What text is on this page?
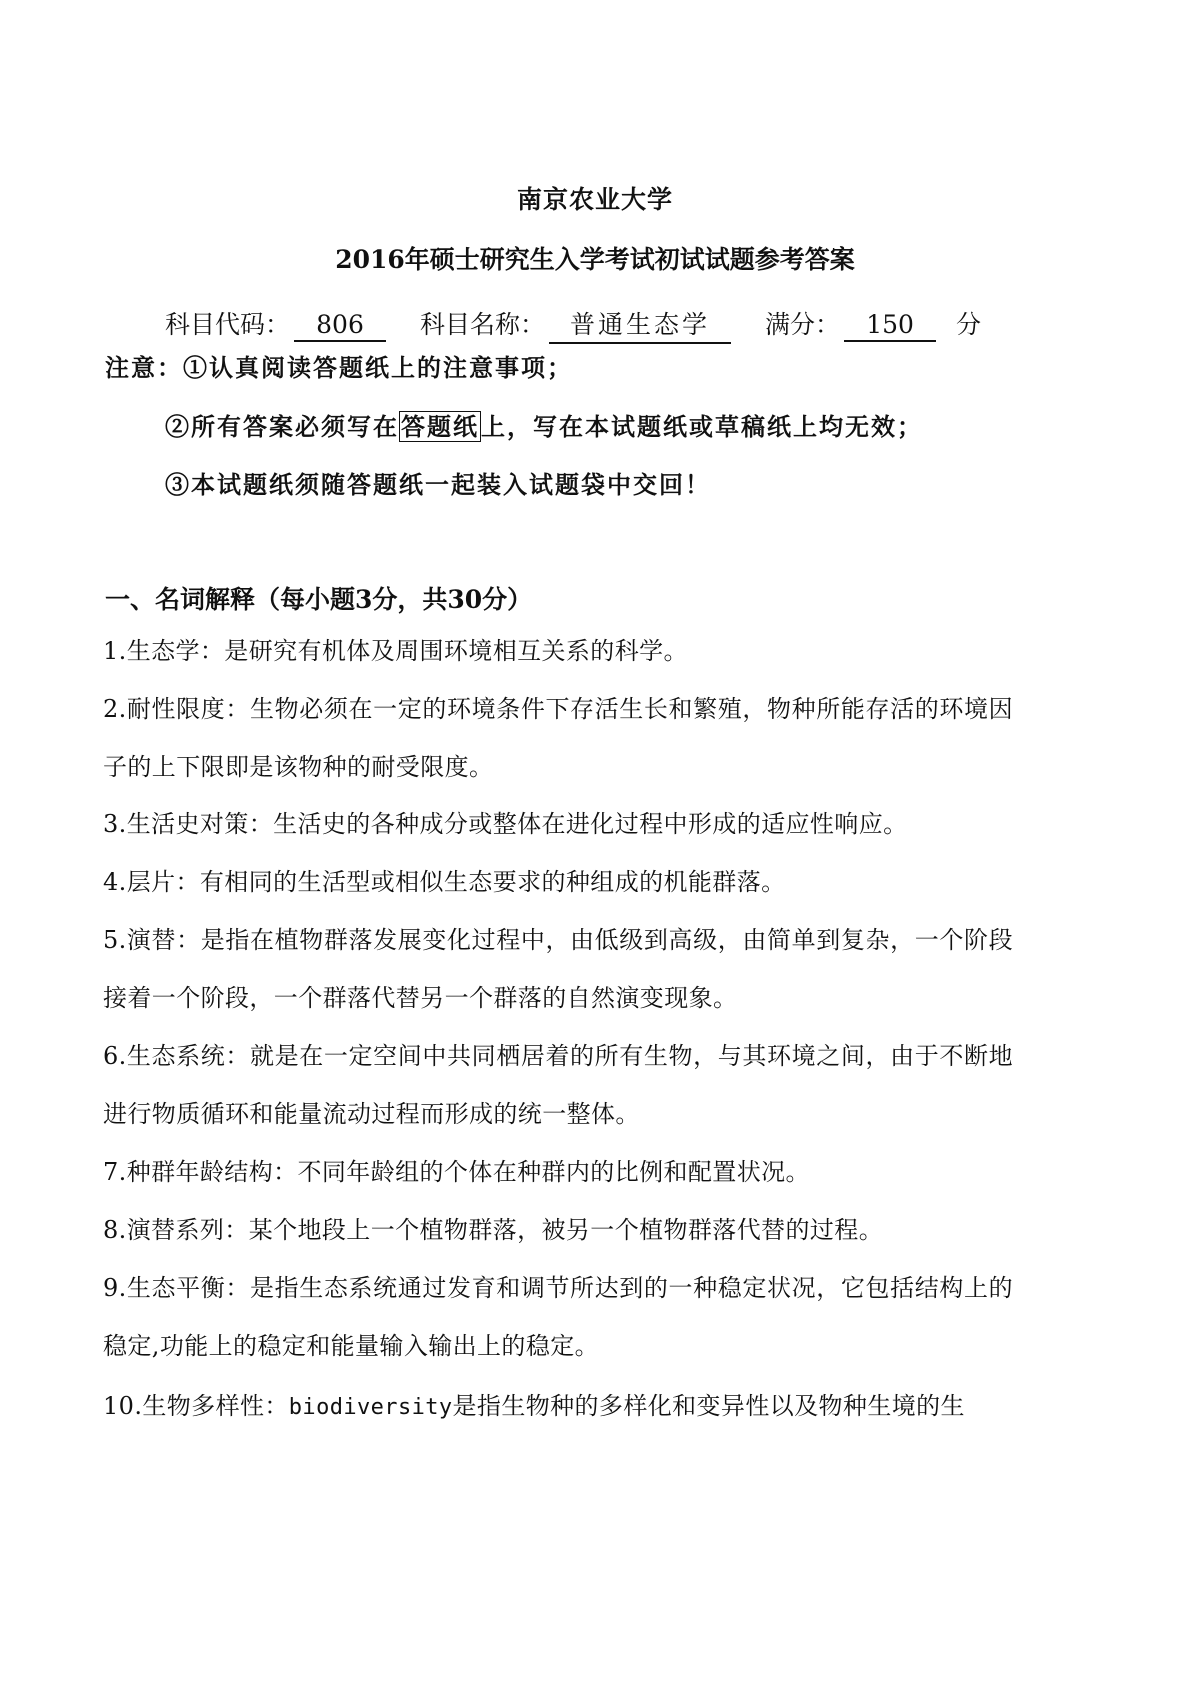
南京农业大学
2016年硕士研究生入学考试初试试题参考答案
科目代码： 806 科目名称： 普通生态学 满分： 150 分
注意：①认真阅读答题纸上的注意事项；
②所有答案必须写在答题纸上，写在本试题纸或草稿纸上均无效；
③本试题纸须随答题纸一起装入试题袋中交回！
一、名词解释（每小题3分，共30分）
1.生态学：是研究有机体及周围环境相互关系的科学。
2.耐性限度：生物必须在一定的环境条件下存活生长和繁殖，物种所能存活的环境因子的上下限即是该物种的耐受限度。
3.生活史对策：生活史的各种成分或整体在进化过程中形成的适应性响应。
4.层片：有相同的生活型或相似生态要求的种组成的机能群落。
5.演替：是指在植物群落发展变化过程中，由低级到高级，由简单到复杂，一个阶段接着一个阶段，一个群落代替另一个群落的自然演变现象。
6.生态系统：就是在一定空间中共同栖居着的所有生物，与其环境之间，由于不断地进行物质循环和能量流动过程而形成的统一整体。
7.种群年龄结构：不同年龄组的个体在种群内的比例和配置状况。
8.演替系列：某个地段上一个植物群落，被另一个植物群落代替的过程。
9.生态平衡：是指生态系统通过发育和调节所达到的一种稳定状况，它包括结构上的稳定,功能上的稳定和能量输入输出上的稳定。
10.生物多样性：biodiversity是指生物种的多样化和变异性以及物种生境的生
